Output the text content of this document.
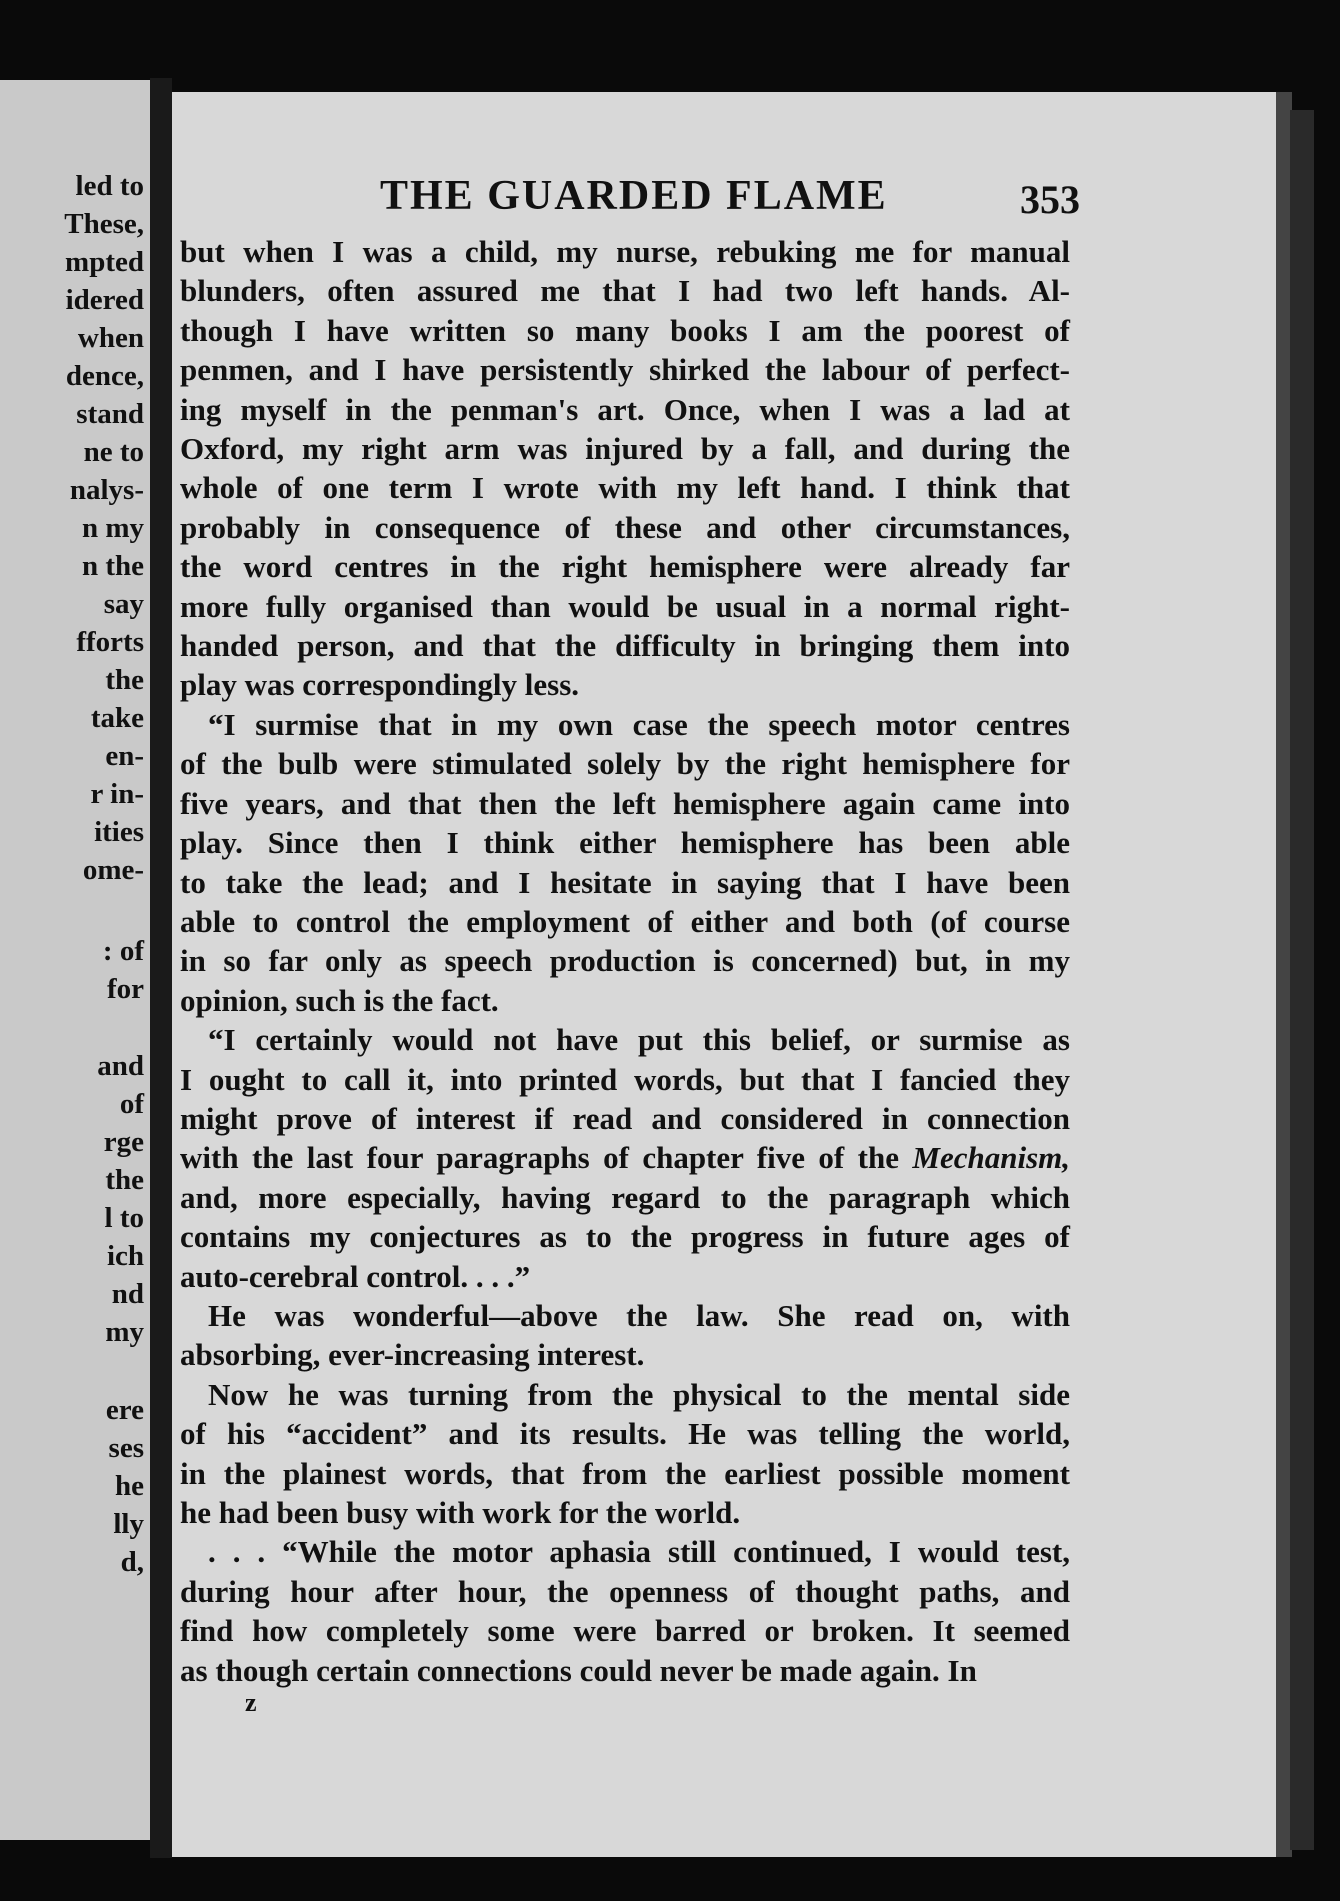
led to
These,
mpted
idered
when
dence,
stand
ne to
nalys-
n my
n the
say
fforts
the
take
en-
r in-
ities
ome-
: of
for
and
of
rge
the
l to
ich
nd
my
ere
ses
he
lly
d,
THE GUARDED FLAME	353
but when I was a child, my nurse, rebuking me for manual
blunders, often assured me that I had two left hands. Al-
though I have written so many books I am the poorest of
penmen, and I have persistently shirked the labour of perfect-
ing myself in the penman's art. Once, when I was a lad at
Oxford, my right arm was injured by a fall, and during the
whole of one term I wrote with my left hand. I think that
probably in consequence of these and other circumstances,
the word centres in the right hemisphere were already far
more fully organised than would be usual in a normal right-
handed person, and that the difficulty in bringing them into
play was correspondingly less.
“I surmise that in my own case the speech motor centres
of the bulb were stimulated solely by the right hemisphere for
five years, and that then the left hemisphere again came into
play. Since then I think either hemisphere has been able
to take the lead; and I hesitate in saying that I have been
able to control the employment of either and both (of course
in so far only as speech production is concerned) but, in my
opinion, such is the fact.
“I certainly would not have put this belief, or surmise as
I ought to call it, into printed words, but that I fancied they
might prove of interest if read and considered in connection
with the last four paragraphs of chapter five of the Mechanism,
and, more especially, having regard to the paragraph which
contains my conjectures as to the progress in future ages of
auto-cerebral control. . . .”
He was wonderful—above the law. She read on, with
absorbing, ever-increasing interest.
Now he was turning from the physical to the mental side
of his “accident” and its results. He was telling the world,
in the plainest words, that from the earliest possible moment
he had been busy with work for the world.
. . . “While the motor aphasia still continued, I would test,
during hour after hour, the openness of thought paths, and
find how completely some were barred or broken. It seemed
as though certain connections could never be made again. In
z
